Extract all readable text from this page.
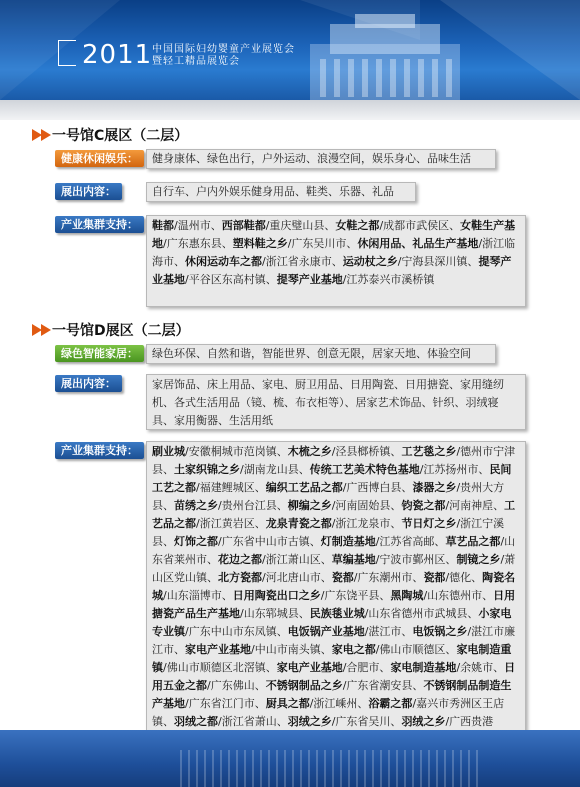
2011 中国国际妇幼婴童产业展览会
暨轻工精品展览会
一号馆C展区（二层）
健康休闲娱乐：	健身康体、绿色出行，户外运动、浪漫空间，娱乐身心、品味生活
展出内容：	自行车、户内外娱乐健身用品、鞋类、乐器、礼品
产业集群支持：	鞋都/温州市、西部鞋都/重庆璧山县、女鞋之都/成都市武侯区、女鞋生产基地/广东惠东县、塑料鞋之乡/广东吴川市、休闲用品、礼品生产基地/浙江临海市、休闲运动车之都/浙江省永康市、运动杖之乡/宁海县深川镇、提琴产业基地/平谷区东高村镇、提琴产业基地/江苏泰兴市溪桥镇
一号馆D展区（二层）
绿色智能家居：	绿色环保、自然和谐，智能世界、创意无限，居家天地、体验空间
展出内容：	家居饰品、床上用品、家电、厨卫用品、日用陶瓷、日用搪瓷、家用缝纫机、各式生活用品（镜、梳、布衣柜等）、居家艺术饰品、针织、羽绒寝具、家用衡器、生活用纸
产业集群支持：	刷业城/安徽桐城市范岗镇、木梳之乡/泾县榔桥镇、工艺毯之乡/德州市宁津县、土家织锦之乡/湖南龙山县、传统工艺美术特色基地/江苏扬州市、民间工艺之都/福建鲤城区、编织工艺品之都/广西博白县、漆器之乡/贵州大方县、苗绣之乡/贵州台江县、柳编之乡/河南固始县、钧瓷之都/河南神垕、工艺品之都/浙江黄岩区、龙泉青瓷之都/浙江龙泉市、节日灯之乡/浙江宁溪县、灯饰之都/广东省中山市古镇、灯制造基地/江苏省高邮、草艺品之都/山东省莱州市、花边之都/浙江萧山区、草编基地/宁波市鄞州区、制镜之乡/萧山区党山镇、北方瓷都/河北唐山市、瓷都/广东潮州市、瓷都/德化、陶瓷名城/山东淄博市、日用陶瓷出口之乡/广东饶平县、黑陶城/山东德州市、日用搪瓷产品生产基地/山东郓城县、民族毯业城/山东省德州市武城县、小家电专业镇/广东中山市东凤镇、电饭锅产业基地/湛江市、电饭锅之乡/湛江市廉江市、家电产业基地/中山市南头镇、家电之都/佛山市顺德区、家电制造重镇/佛山市顺德区北滘镇、家电产业基地/合肥市、家电制造基地/余姚市、日用五金之都/广东佛山、不锈钢制品之乡/广东省潮安县、不锈钢制品制造生产基地/广东省江门市、厨具之都/浙江嵊州、浴霸之都/嘉兴市秀洲区王店镇、羽绒之都/浙江省萧山、羽绒之乡/广东省吴川、羽绒之乡/广西贵港
